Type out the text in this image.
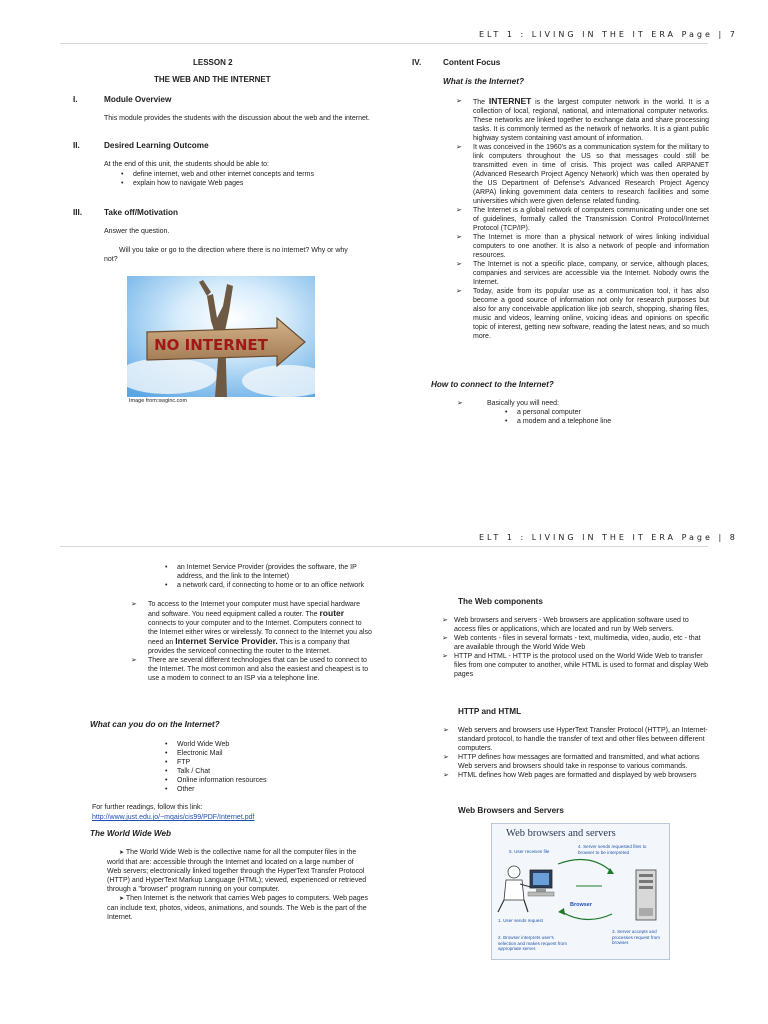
ELT 1 : LIVING IN THE IT ERA Page | 7
LESSON 2
THE WEB AND THE INTERNET
I.	Module Overview
This module provides the students with the discussion about the web and the internet.
II.	Desired Learning Outcome
At the end of this unit, the students should be able to:
• define internet, web and other internet concepts and terms
• explain how to navigate Web pages
III.	Take off/Motivation
Answer the question.
Will you take or go to the direction where there is no internet? Why or why not?
NO INTERNET
Image from:swginc.com
IV.	Content Focus
What is the Internet?
➢ The INTERNET is the largest computer network in the world. It is a collection of local, regional, national, and international computer networks. These networks are linked together to exchange data and share processing tasks. It is commonly termed as the network of networks. It is a giant public highway system containing vast amount of information.
➢ It was conceived in the 1960's as a communication system for the military to link computers throughout the US so that messages could still be transmitted even in time of crisis. This project was called ARPANET (Advanced Research Project Agency Network) which was then operated by the US Department of Defense's Advanced Research Project Agency (ARPA) linking government data centers to research facilities and some universities which were given defense related funding.
➢ The Internet is a global network of computers communicating under one set of guidelines, formally called the Transmission Control Protocol/Internet Protocol (TCP/IP).
➢ The Internet is more than a physical network of wires linking individual computers to one another. It is also a network of people and information resources.
➢ The Internet is not a specific place, company, or service, although places, companies and services are accessible via the Internet. Nobody owns the Internet.
➢ Today, aside from its popular use as a communication tool, it has also become a good source of information not only for research purposes but also for any conceivable application like job search, shopping, sharing files, music and videos, learning online, voicing ideas and opinions on specific topic of interest, getting new software, reading the latest news, and so much more.
How to connect to the Internet?
➢	Basically you will need:
• a personal computer
• a modem and a telephone line
ELT 1 : LIVING IN THE IT ERA Page | 8
• an Internet Service Provider (provides the software, the IP address, and the link to the Internet)
• a network card, if connecting to home or to an office network
➢ To access to the Internet your computer must have special hardware and software. You need equipment called a router. The router connects to your computer and to the Internet. Computers connect to the Internet either wires or wirelessly. To connect to the Internet you also need an Internet Service Provider. This is a company that provides the serviceof connecting the router to the Internet.
➢ There are several different technologies that can be used to connect to the Internet. The most common and also the easiest and cheapest is to use a modem to connect to an ISP via a telephone line.
What can you do on the Internet?
• World Wide Web
• Electronic Mail
• FTP
• Talk / Chat
• Online information resources
• Other
For further readings, follow this link:
http://www.just.edu.jo/~mqais/cis99/PDF/Internet.pdf
The World Wide Web
➤ The World Wide Web is the collective name for all the computer files in the world that are: accessible through the Internet and located on a large number of Web servers; electronically linked together through the HyperText Transfer Protocol (HTTP) and HyperText Markup Language (HTML); viewed, experienced or retrieved through a "browser" program running on your computer.
➤ Then Internet is the network that carries Web pages to computers. Web pages can include text, photos, videos, animations, and sounds. The Web is the part of the Internet.
The Web components
➢ Web browsers and servers - Web browsers are application software used to access files or applications, which are located and run by Web servers.
➢ Web contents - files in several formats - text, multimedia, video, audio, etc - that are available through the World Wide Web
➢ HTTP and HTML - HTTP is the protocol used on the World Wide Web to transfer files from one computer to another, while HTML is used to format and display Web pages
HTTP and HTML
➢ Web servers and browsers use HyperText Transfer Protocol (HTTP), an Internet-standard protocol, to handle the transfer of text and other files between different computers.
➢ HTTP defines how messages are formatted and transmitted, and what actions Web servers and browsers should take in response to various commands.
➢ HTML defines how Web pages are formatted and displayed by web browsers
Web Browsers and Servers
Web browsers and servers
5. User receives file
4. Server sends requested files to browser to be interpreted
Browser
1. User sends request
2. Browser interprets user's selection and makes request from appropriate server.
3. Server accepts and processes request from browser.
